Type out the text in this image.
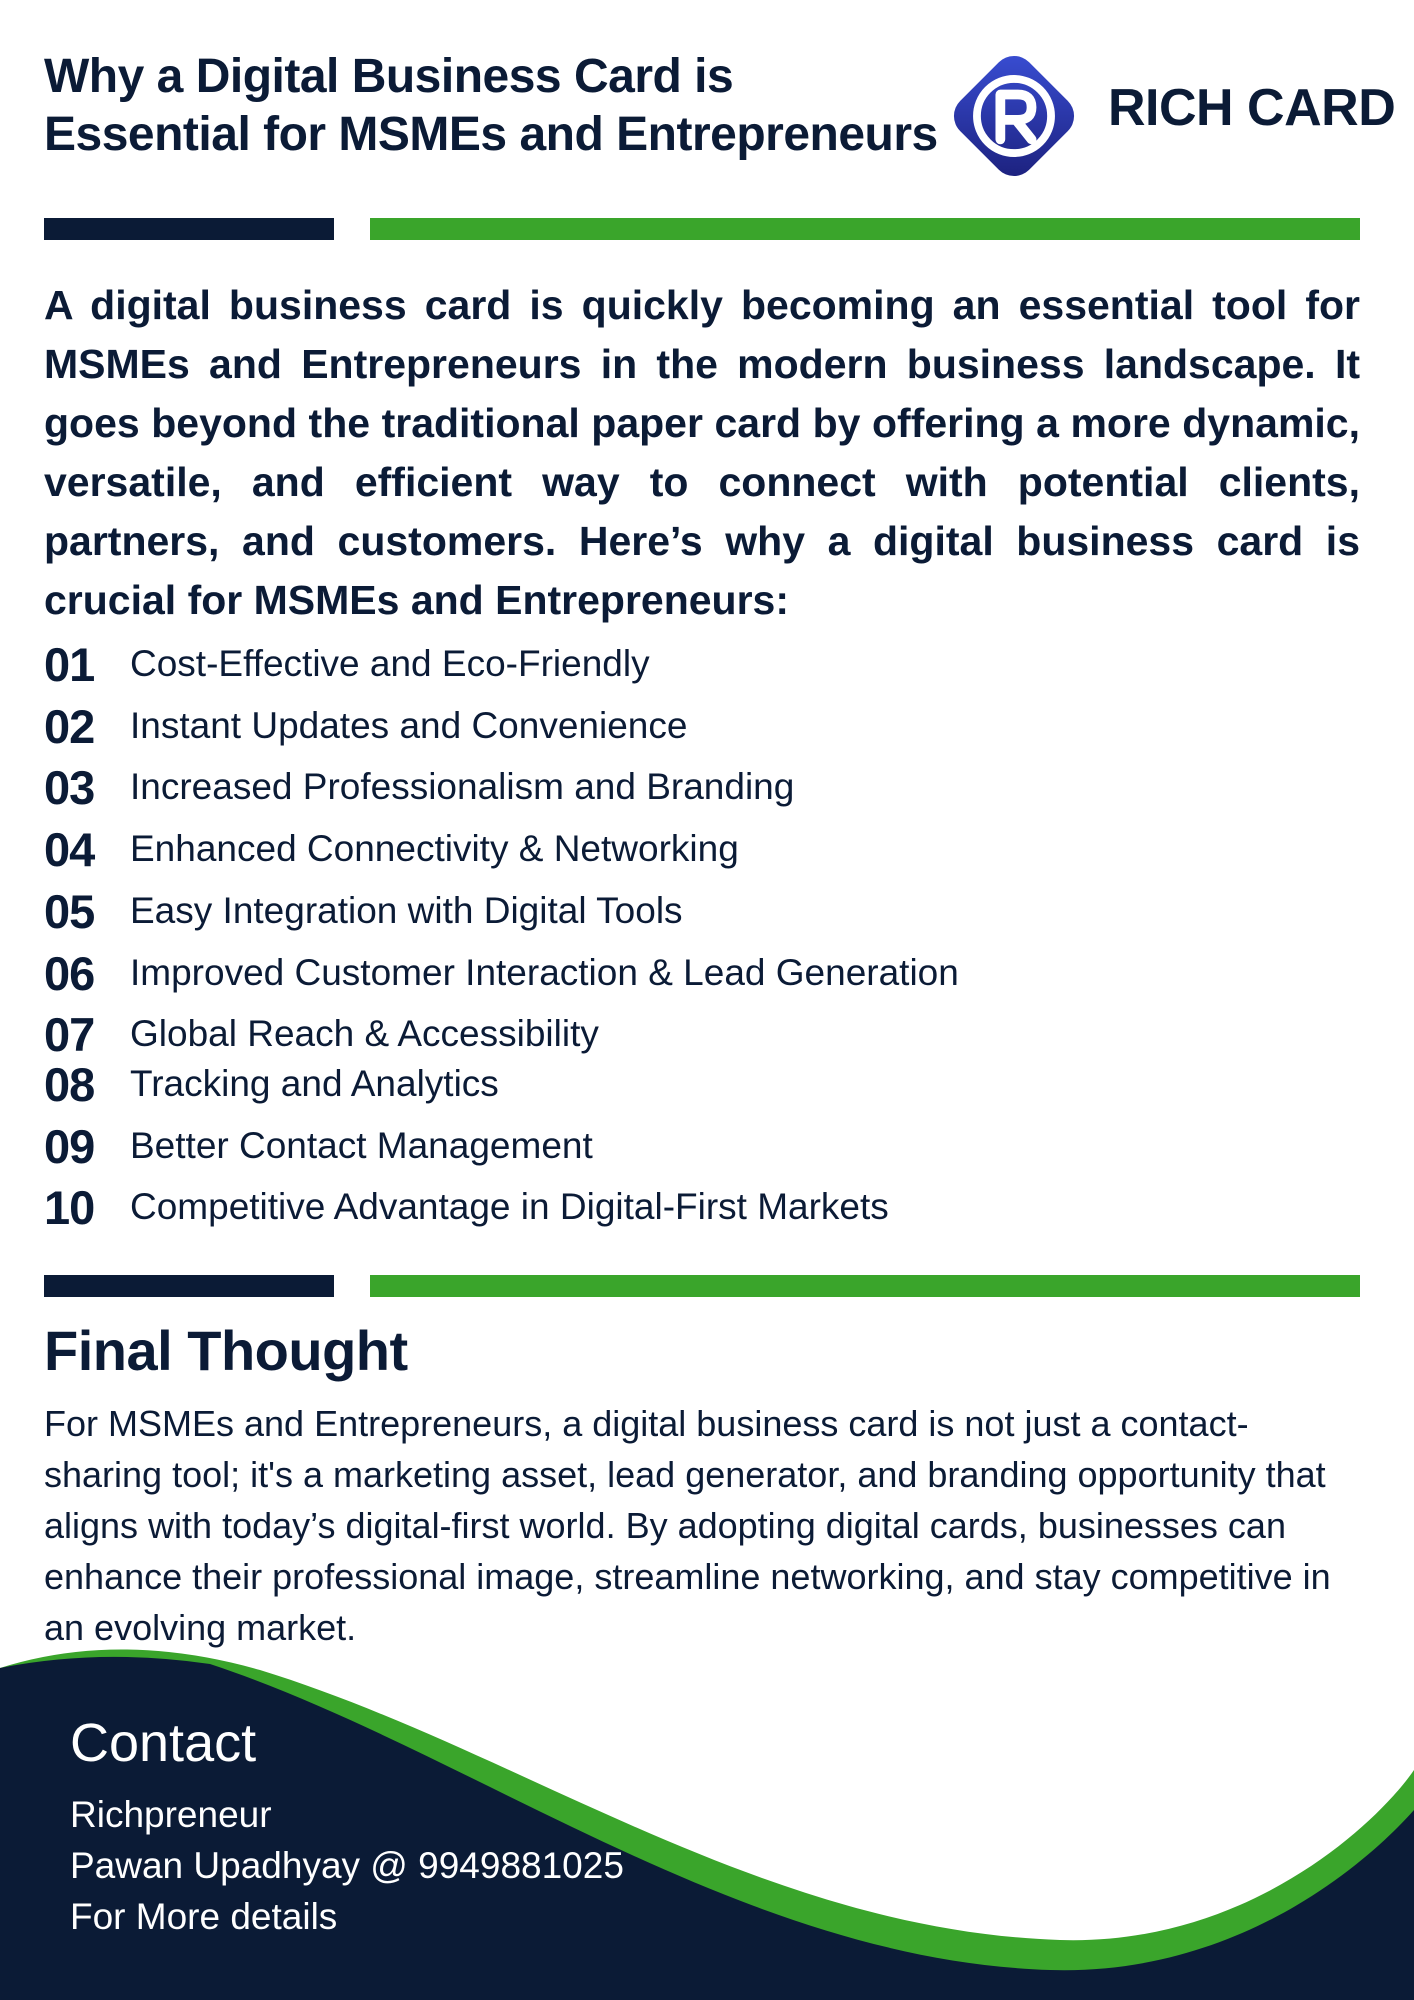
Why a Digital Business Card is
Essential for MSMEs and Entrepreneurs	RICH CARD

A digital business card is quickly becoming an essential tool for MSMEs and Entrepreneurs in the modern business landscape. It goes beyond the traditional paper card by offering a more dynamic, versatile, and efficient way to connect with potential clients, partners, and customers. Here’s why a digital business card is crucial for MSMEs and Entrepreneurs:

01 Cost-Effective and Eco-Friendly
02 Instant Updates and Convenience
03 Increased Professionalism and Branding
04 Enhanced Connectivity & Networking
05 Easy Integration with Digital Tools
06 Improved Customer Interaction & Lead Generation
07 Global Reach & Accessibility
08 Tracking and Analytics
09 Better Contact Management
10 Competitive Advantage in Digital-First Markets
Final Thought

For MSMEs and Entrepreneurs, a digital business card is not just a contact-sharing tool; it's a marketing asset, lead generator, and branding opportunity that aligns with today’s digital-first world. By adopting digital cards, businesses can enhance their professional image, streamline networking, and stay competitive in an evolving market.

Contact
Richpreneur
Pawan Upadhyay @ 9949881025
For More details
